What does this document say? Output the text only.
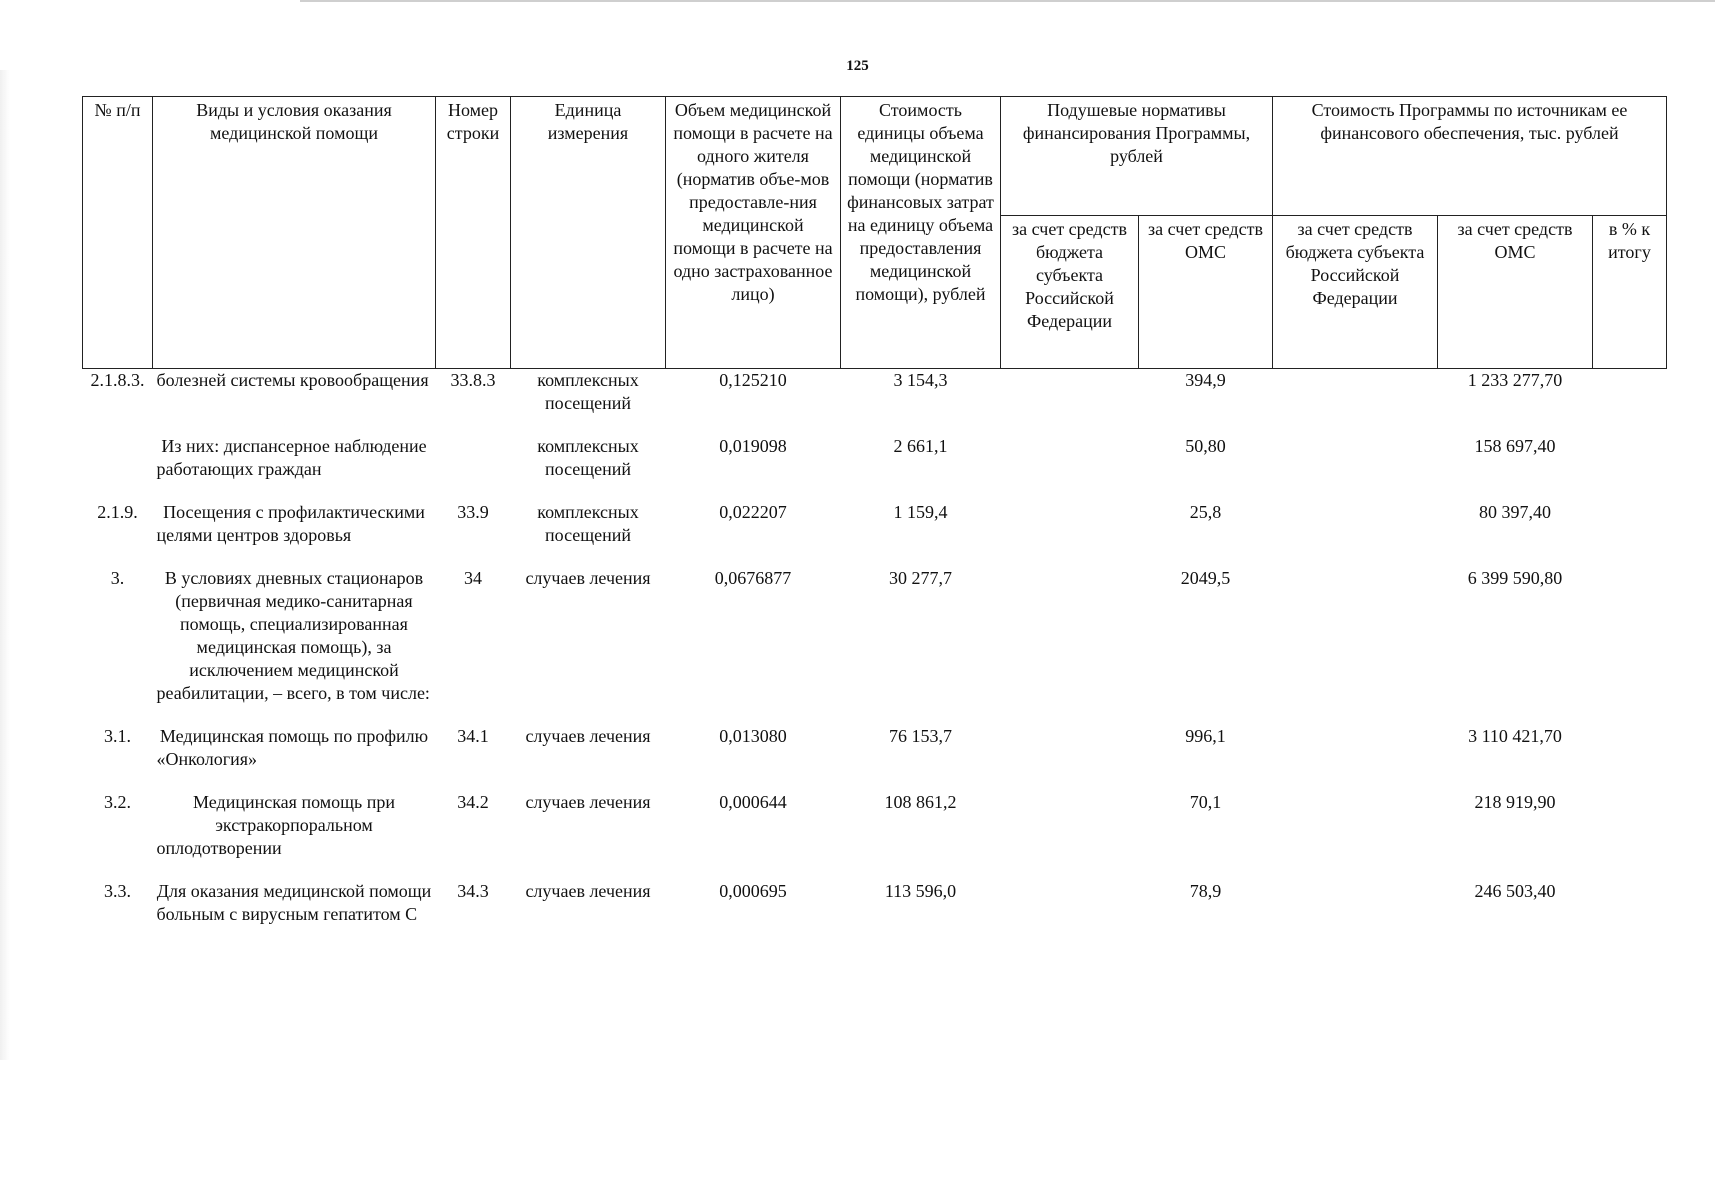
125
№ п/п	Виды и условия оказания медицинской помощи	Номер строки	Единица измерения	Объем медицинской помощи в расчете на одного жителя (норматив объе-мов предоставле-ния медицинской помощи в расчете на одно застрахованное лицо)	Стоимость единицы объема медицинской помощи (норматив финансовых затрат на единицу объема предоставления медицинской помощи), рублей	Подушевые нормативы финансирования Программы, рублей		Стоимость Программы по источникам ее финансового обеспечения, тыс. рублей		
						за счет средств бюджета субъекта Российской Федерации	за счет средств ОМС	за счет средств бюджета субъекта Российской Федерации	за счет средств ОМС	в % к итогу
2.1.8.3.	болезней системы кровообращения	33.8.3	комплексных посещений	0,125210	3 154,3		394,9		1 233 277,70	
	Из них: диспансерное наблюдение работающих граждан		комплексных посещений	0,019098	2 661,1		50,80		158 697,40	
2.1.9.	Посещения с профилактическими целями центров здоровья	33.9	комплексных посещений	0,022207	1 159,4		25,8		80 397,40	
3.	В условиях дневных стационаров (первичная медико-санитарная помощь, специализированная медицинская помощь), за исключением медицинской реабилитации, – всего, в том числе:	34	случаев лечения	0,0676877	30 277,7		2049,5		6 399 590,80	
3.1.	Медицинская помощь по профилю «Онкология»	34.1	случаев лечения	0,013080	76 153,7		996,1		3 110 421,70	
3.2.	Медицинская помощь при экстракорпоральном оплодотворении	34.2	случаев лечения	0,000644	108 861,2		70,1		218 919,90	
3.3.	Для оказания медицинской помощи больным с вирусным гепатитом С	34.3	случаев лечения	0,000695	113 596,0		78,9		246 503,40	
